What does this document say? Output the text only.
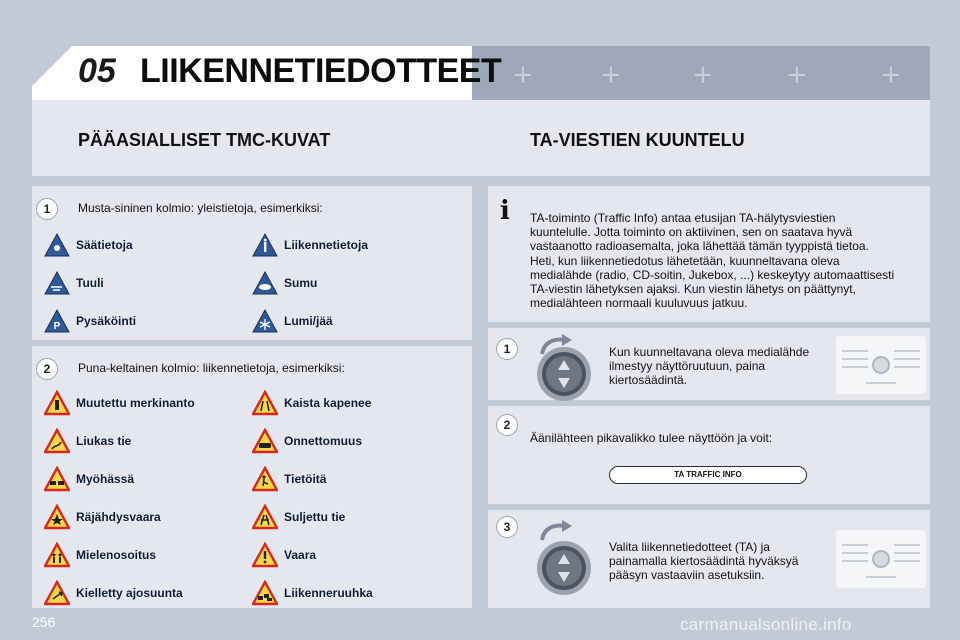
+	+	+	+	+
05 LIIKENNETIEDOTTEET
PÄÄASIALLISET TMC-KUVAT	TA-VIESTIEN KUUNTELU
1	Musta-sininen kolmio: yleistietoja, esimerkiksi:
Säätietoja	Liikennetietoja
Tuuli	Sumu
P Pysäköinti	Lumi/jää
2	Puna-keltainen kolmio: liikennetietoja, esimerkiksi:
Muutettu merkinanto	Kaista kapenee
Liukas tie	Onnettomuus
Myöhässä	Tietöitä
Räjähdysvaara	Suljettu tie
Mielenosoitus	Vaara
Kielletty ajosuunta	Liikenneruuhka
i	TA-toiminto (Traffic Info) antaa etusijan TA-hälytysviestien
kuuntelulle. Jotta toiminto on aktiivinen, sen on saatava hyvä
vastaanotto radioasemalta, joka lähettää tämän tyyppistä tietoa.
Heti, kun liikennetiedotus lähetetään, kuunneltavana oleva
medialähde (radio, CD-soitin, Jukebox, ...) keskeytyy automaattisesti
TA-viestin lähetyksen ajaksi. Kun viestin lähetys on päättynyt,
medialähteen normaali kuuluvuus jatkuu.
1	Kun kuunneltavana oleva medialähde
ilmestyy näyttöruutuun, paina
kiertosäädintä.
2
Äänilähteen pikavalikko tulee näyttöön ja voit:
TA TRAFFIC INFO
3
Valita liikennetiedotteet (TA) ja
painamalla kiertosäädintä hyväksyä
pääsyn vastaaviin asetuksiin.
256	carmanualsonline.info
